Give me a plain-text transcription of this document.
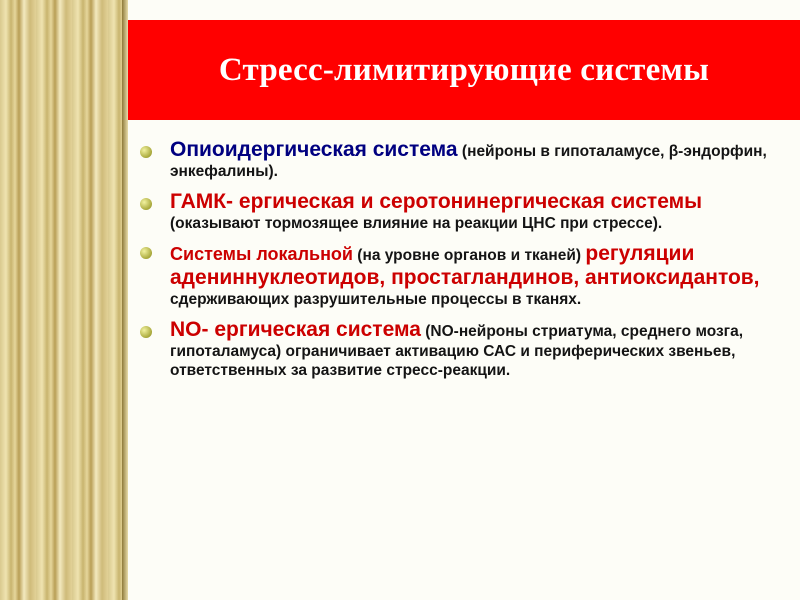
Стресс-лимитирующие системы
Опиоидергическая система (нейроны в гипоталамусе, β-эндорфин, энкефалины).
ГАМК- ергическая и серотонинергическая системы
(оказывают тормозящее влияние на реакции ЦНС при стрессе).
Системы локальной (на уровне органов и тканей) регуляции адениннуклеотидов, простагландинов, антиоксидантов,
сдерживающих разрушительные процессы в тканях.
NO- ергическая система (NO-нейроны стриатума, среднего мозга, гипоталамуса) ограничивает активацию САС и периферических звеньев, ответственных за развитие стресс-реакции.
